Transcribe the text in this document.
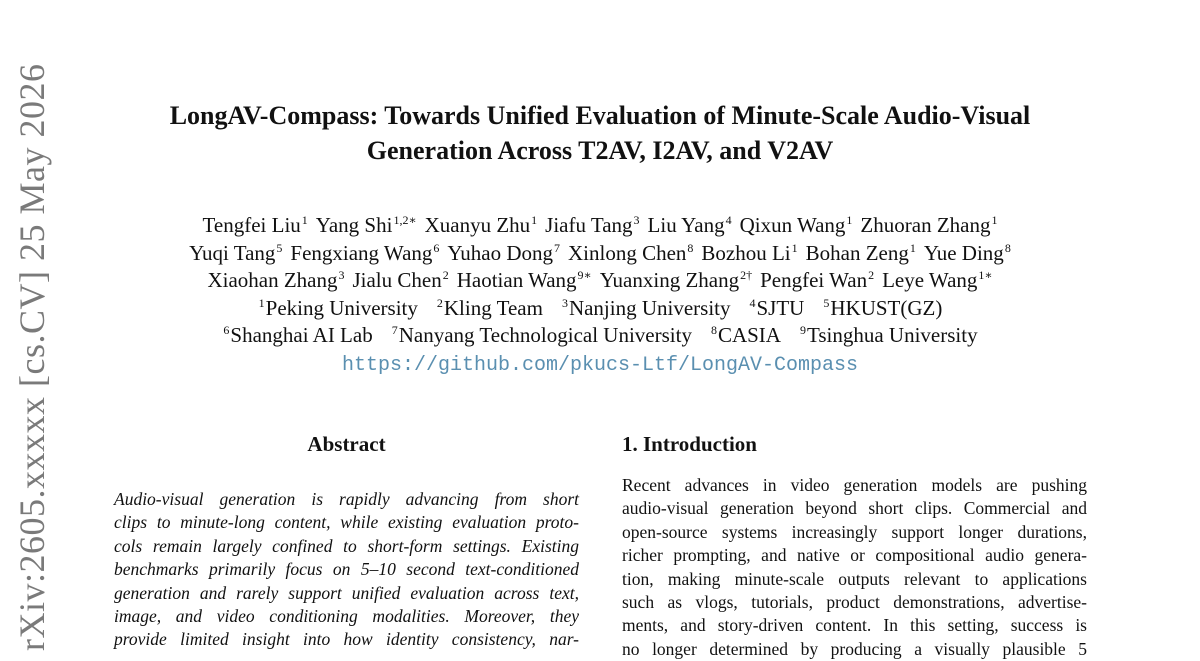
rXiv:2605.xxxxx [cs.CV] 25 May 2026	LongAV-Compass: Towards Unified Evaluation of Minute-Scale Audio-Visual
Generation Across T2AV, I2AV, and V2AV
Tengfei Liu$^1$ Yang Shi$^{1,2∗}$ Xuanyu Zhu$^1$ Jiafu Tang$^3$ Liu Yang$^4$ Qixun Wang$^1$ Zhuoran Zhang$^1$
Yuqi Tang$^5$ Fengxiang Wang$^6$ Yuhao Dong$^7$ Xinlong Chen$^8$ Bozhou Li$^1$ Bohan Zeng$^1$ Yue Ding$^8$
Xiaohan Zhang$^3$ Jialu Chen$^2$ Haotian Wang$^{9∗}$ Yuanxing Zhang$^{2\dagger}$ Pengfei Wan$^2$ Leye Wang$^{1∗}$
$^1$Peking University $^2$Kling Team $^3$Nanjing University $^4$SJTU $^5$HKUST(GZ)
$^6$Shanghai AI Lab $^7$Nanyang Technological University $^8$CASIA $^9$Tsinghua University
https://github.com/pkucs-Ltf/LongAV-Compass
Abstract
Audio-visual generation is rapidly advancing from short
clips to minute-long content, while existing evaluation proto-
cols remain largely confined to short-form settings. Existing
benchmarks primarily focus on 5–10 second text-conditioned
generation and rarely support unified evaluation across text,
image, and video conditioning modalities. Moreover, they
provide limited insight into how identity consistency, nar-
1. Introduction
Recent advances in video generation models are pushing
audio-visual generation beyond short clips. Commercial and
open-source systems increasingly support longer durations,
richer prompting, and native or compositional audio genera-
tion, making minute-scale outputs relevant to applications
such as vlogs, tutorials, product demonstrations, advertise-
ments, and story-driven content. In this setting, success is
no longer determined by producing a visually plausible 5
